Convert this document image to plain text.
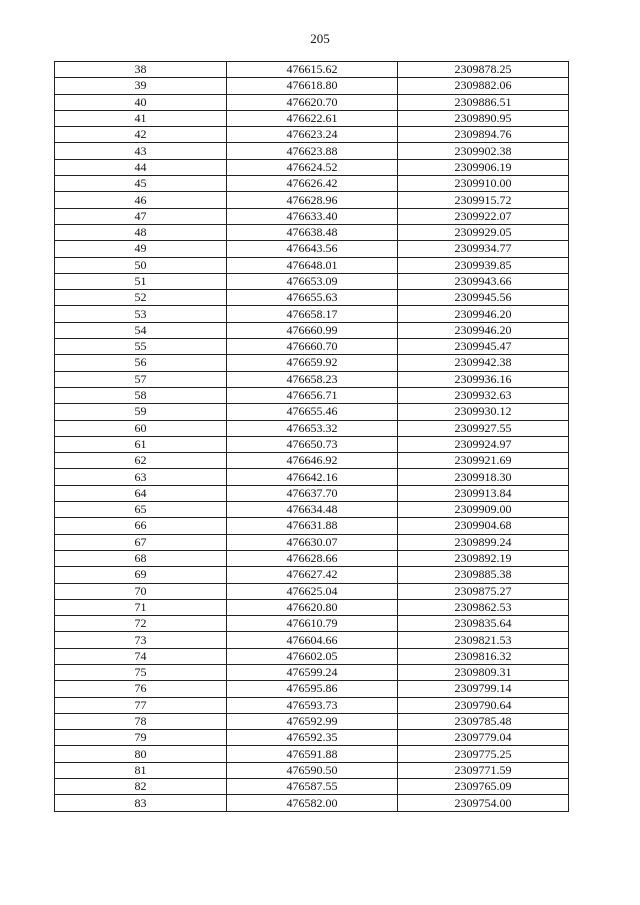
205
38	476615.62	2309878.25
39	476618.80	2309882.06
40	476620.70	2309886.51
41	476622.61	2309890.95
42	476623.24	2309894.76
43	476623.88	2309902.38
44	476624.52	2309906.19
45	476626.42	2309910.00
46	476628.96	2309915.72
47	476633.40	2309922.07
48	476638.48	2309929.05
49	476643.56	2309934.77
50	476648.01	2309939.85
51	476653.09	2309943.66
52	476655.63	2309945.56
53	476658.17	2309946.20
54	476660.99	2309946.20
55	476660.70	2309945.47
56	476659.92	2309942.38
57	476658.23	2309936.16
58	476656.71	2309932.63
59	476655.46	2309930.12
60	476653.32	2309927.55
61	476650.73	2309924.97
62	476646.92	2309921.69
63	476642.16	2309918.30
64	476637.70	2309913.84
65	476634.48	2309909.00
66	476631.88	2309904.68
67	476630.07	2309899.24
68	476628.66	2309892.19
69	476627.42	2309885.38
70	476625.04	2309875.27
71	476620.80	2309862.53
72	476610.79	2309835.64
73	476604.66	2309821.53
74	476602.05	2309816.32
75	476599.24	2309809.31
76	476595.86	2309799.14
77	476593.73	2309790.64
78	476592.99	2309785.48
79	476592.35	2309779.04
80	476591.88	2309775.25
81	476590.50	2309771.59
82	476587.55	2309765.09
83	476582.00	2309754.00
